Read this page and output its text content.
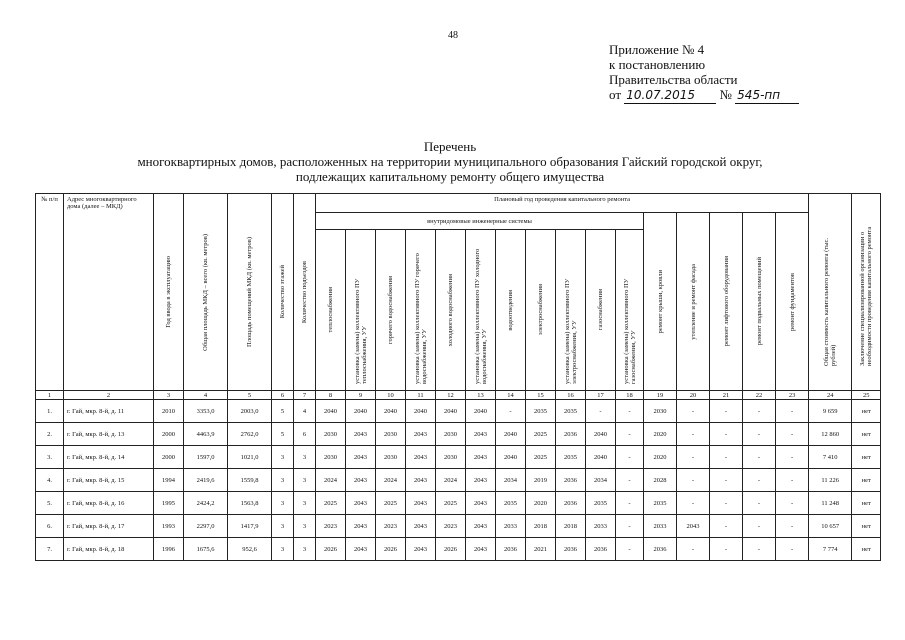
48
Приложение № 4
к постановлению
Правительства области
от 10.07.2015 № 545-пп
Перечень
многоквартирных домов, расположенных на территории муниципального образования Гайский городской округ,
подлежащих капитальному ремонту общего имущества
№ п/п	Адрес многоквартирного дома (далее – МКД)	Год ввода в эксплуатацию	Общая площадь МКД – всего (кв. метров)	Площадь помещений МКД (кв. метров)	Количество этажей	Количество подъездов	Плановый год проведения капитального ремонта																Общая стоимость капитального ремонта (тыс. рублей)	Заключение специализированной организации о необходимости проведения капитального ремонта

							внутридомовые инженерные системы											ремонт крыши, кровли	утепление и ремонт фасада	ремонт лифтового оборудования	ремонт подвальных помещений	ремонт фундаментов		

							теплоснабжения	установка (замена) коллективного ПУ теплоснабжения, УУ	горячего водоснабжения	установка (замена) коллективного ПУ горячего водоснабжения, УУ	холодного водоснабжения	установка (замена) коллективного ПУ холодного водоснабжения, УУ	водоотведения	электроснабжения	установка (замена) коллективного ПУ электроснабжения, УУ	газоснабжения	установка (замена) коллективного ПУ газоснабжения, УУ							

1	2	3	4	5	6	7	8	9	10	11	12	13	14	15	16	17	18	19	20	21	22	23	24	25
1.	г. Гай, мкр. 8-й, д. 11	2010	3353,0	2003,0	5	4	2040	2040	2040	2040	2040	2040	-	2035	2035	-	-	2030	-	-	-	-	9 659	нет
2.	г. Гай, мкр. 8-й, д. 13	2000	4463,9	2762,0	5	6	2030	2043	2030	2043	2030	2043	2040	2025	2036	2040	-	2020	-	-	-	-	12 860	нет
3.	г. Гай, мкр. 8-й, д. 14	2000	1597,0	1021,0	3	3	2030	2043	2030	2043	2030	2043	2040	2025	2035	2040	-	2020	-	-	-	-	7 410	нет
4.	г. Гай, мкр. 8-й, д. 15	1994	2419,6	1559,8	3	3	2024	2043	2024	2043	2024	2043	2034	2019	2036	2034	-	2028	-	-	-	-	11 226	нет
5.	г. Гай, мкр. 8-й, д. 16	1995	2424,2	1563,8	3	3	2025	2043	2025	2043	2025	2043	2035	2020	2036	2035	-	2035	-	-	-	-	11 248	нет
6.	г. Гай, мкр. 8-й, д. 17	1993	2297,0	1417,9	3	3	2023	2043	2023	2043	2023	2043	2033	2018	2018	2033	-	2033	2043	-	-	-	10 657	нет
7.	г. Гай, мкр. 8-й, д. 18	1996	1675,6	952,6	3	3	2026	2043	2026	2043	2026	2043	2036	2021	2036	2036	-	2036	-	-	-	-	7 774	нет
